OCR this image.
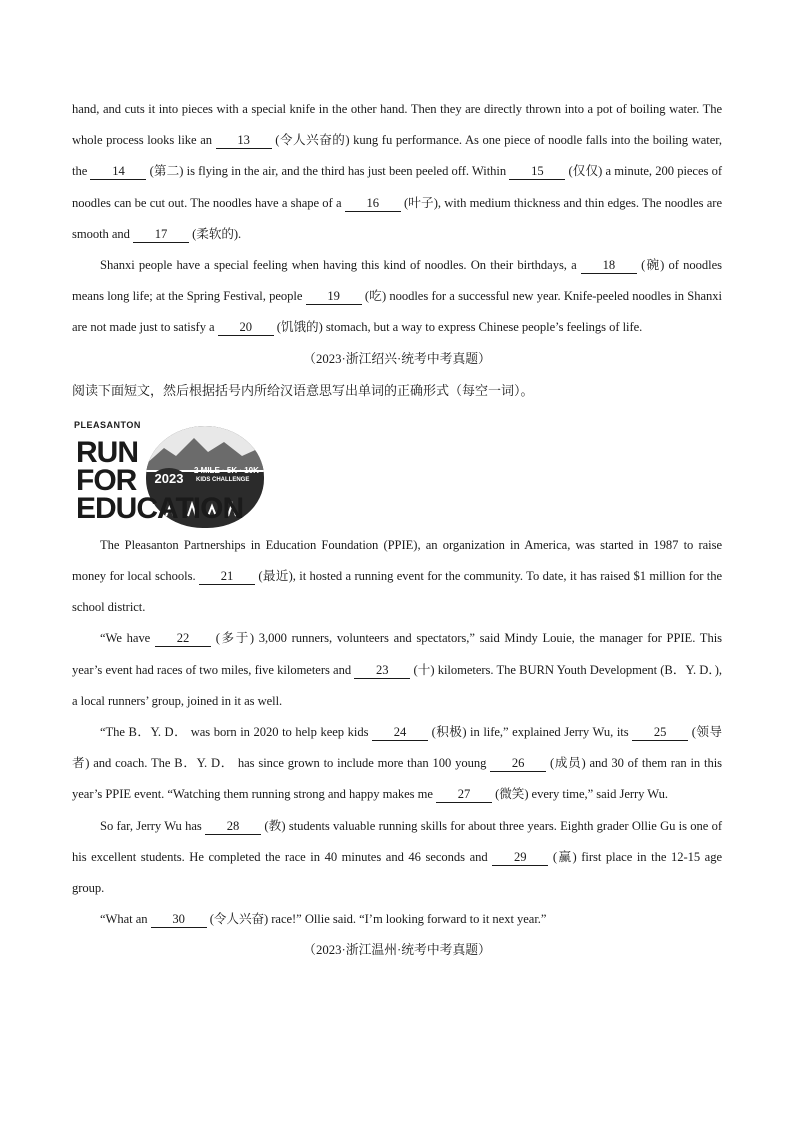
hand, and cuts it into pieces with a special knife in the other hand. Then they are directly thrown into a pot of boiling water. The whole process looks like an 13 (令人兴奋的) kung fu performance. As one piece of noodle falls into the boiling water, the 14 (第二) is flying in the air, and the third has just been peeled off. Within 15 (仅仅) a minute, 200 pieces of noodles can be cut out. The noodles have a shape of a 16 (叶子), with medium thickness and thin edges. The noodles are smooth and 17 (柔软的).

Shanxi people have a special feeling when having this kind of noodles. On their birthdays, a 18 (碗) of noodles means long life; at the Spring Festival, people 19 (吃) noodles for a successful new year. Knife-peeled noodles in Shanxi are not made just to satisfy a 20 (饥饿的) stomach, but a way to express Chinese people’s feelings of life.

（2023·浙江绍兴·统考中考真题）

阅读下面短文，然后根据括号内所给汉语意思写出单词的正确形式（每空一词）。

PLEASANTON
RUN
FOR
EDUCATION
2023
2 MILE · 5K · 10K
KIDS CHALLENGE

The Pleasanton Partnerships in Education Foundation (PPIE), an organization in America, was started in 1987 to raise money for local schools. 21 (最近), it hosted a running event for the community. To date, it has raised $1 million for the school district.

“We have 22 (多于) 3,000 runners, volunteers and spectators,” said Mindy Louie, the manager for PPIE. This year’s event had races of two miles, five kilometers and 23 (十) kilometers. The BURN Youth Development (B．Y. D．), a local runners’ group, joined in it as well.

“The B．Y. D． was born in 2020 to help keep kids 24 (积极) in life,” explained Jerry Wu, its 25 (领导者) and coach. The B．Y. D． has since grown to include more than 100 young 26 (成员) and 30 of them ran in this year’s PPIE event. “Watching them running strong and happy makes me 27 (微笑) every time,” said Jerry Wu.

So far, Jerry Wu has 28 (教) students valuable running skills for about three years. Eighth grader Ollie Gu is one of his excellent students. He completed the race in 40 minutes and 46 seconds and 29 (赢) first place in the 12-15 age group.

“What an 30 (令人兴奋) race!” Ollie said. “I’m looking forward to it next year.”

（2023·浙江温州·统考中考真题）
